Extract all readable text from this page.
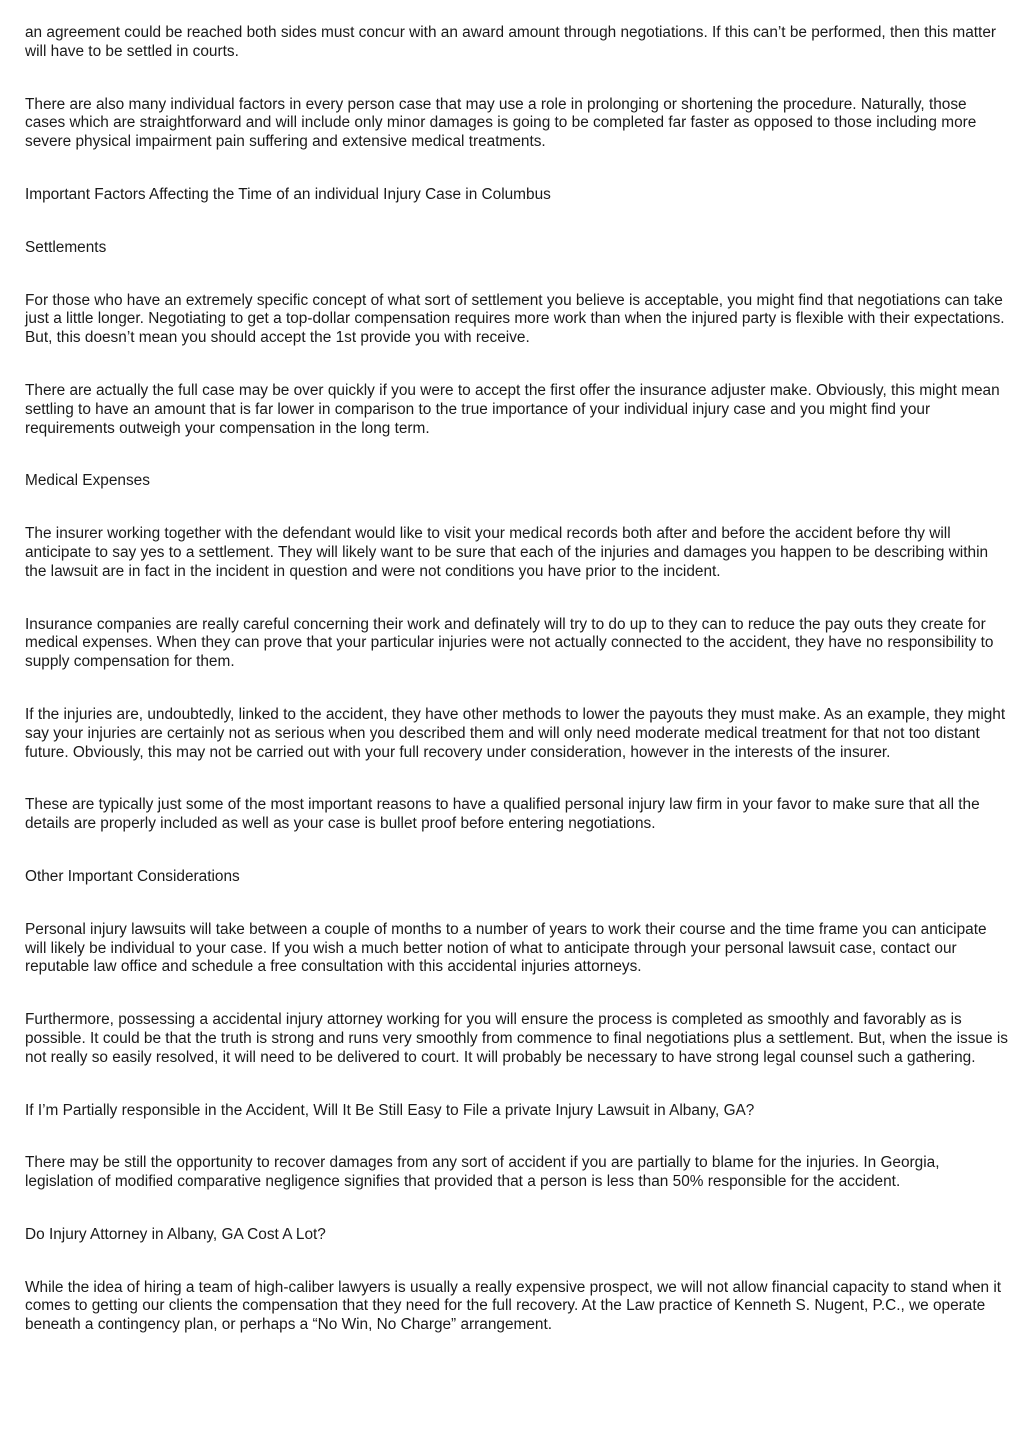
an agreement could be reached both sides must concur with an award amount through negotiations. If this can’t be performed, then this matter will have to be settled in courts.

There are also many individual factors in every person case that may use a role in prolonging or shortening the procedure. Naturally, those cases which are straightforward and will include only minor damages is going to be completed far faster as opposed to those including more severe physical impairment pain suffering and extensive medical treatments.

Important Factors Affecting the Time of an individual Injury Case in Columbus

Settlements

For those who have an extremely specific concept of what sort of settlement you believe is acceptable, you might find that negotiations can take just a little longer. Negotiating to get a top-dollar compensation requires more work than when the injured party is flexible with their expectations. But, this doesn’t mean you should accept the 1st provide you with receive.

There are actually the full case may be over quickly if you were to accept the first offer the insurance adjuster make. Obviously, this might mean settling to have an amount that is far lower in comparison to the true importance of your individual injury case and you might find your requirements outweigh your compensation in the long term.

Medical Expenses

The insurer working together with the defendant would like to visit your medical records both after and before the accident before thy will anticipate to say yes to a settlement. They will likely want to be sure that each of the injuries and damages you happen to be describing within the lawsuit are in fact in the incident in question and were not conditions you have prior to the incident.

Insurance companies are really careful concerning their work and definately will try to do up to they can to reduce the pay outs they create for medical expenses. When they can prove that your particular injuries were not actually connected to the accident, they have no responsibility to supply compensation for them.

If the injuries are, undoubtedly, linked to the accident, they have other methods to lower the payouts they must make. As an example, they might say your injuries are certainly not as serious when you described them and will only need moderate medical treatment for that not too distant future. Obviously, this may not be carried out with your full recovery under consideration, however in the interests of the insurer.

These are typically just some of the most important reasons to have a qualified personal injury law firm in your favor to make sure that all the details are properly included as well as your case is bullet proof before entering negotiations.

Other Important Considerations

Personal injury lawsuits will take between a couple of months to a number of years to work their course and the time frame you can anticipate will likely be individual to your case. If you wish a much better notion of what to anticipate through your personal lawsuit case, contact our reputable law office and schedule a free consultation with this accidental injuries attorneys.

Furthermore, possessing a accidental injury attorney working for you will ensure the process is completed as smoothly and favorably as is possible. It could be that the truth is strong and runs very smoothly from commence to final negotiations plus a settlement. But, when the issue is not really so easily resolved, it will need to be delivered to court. It will probably be necessary to have strong legal counsel such a gathering.

If I’m Partially responsible in the Accident, Will It Be Still Easy to File a private Injury Lawsuit in Albany, GA?

There may be still the opportunity to recover damages from any sort of accident if you are partially to blame for the injuries. In Georgia, legislation of modified comparative negligence signifies that provided that a person is less than 50% responsible for the accident.

Do Injury Attorney in Albany, GA Cost A Lot?

While the idea of hiring a team of high-caliber lawyers is usually a really expensive prospect, we will not allow financial capacity to stand when it comes to getting our clients the compensation that they need for the full recovery. At the Law practice of Kenneth S. Nugent, P.C., we operate beneath a contingency plan, or perhaps a “No Win, No Charge” arrangement.
